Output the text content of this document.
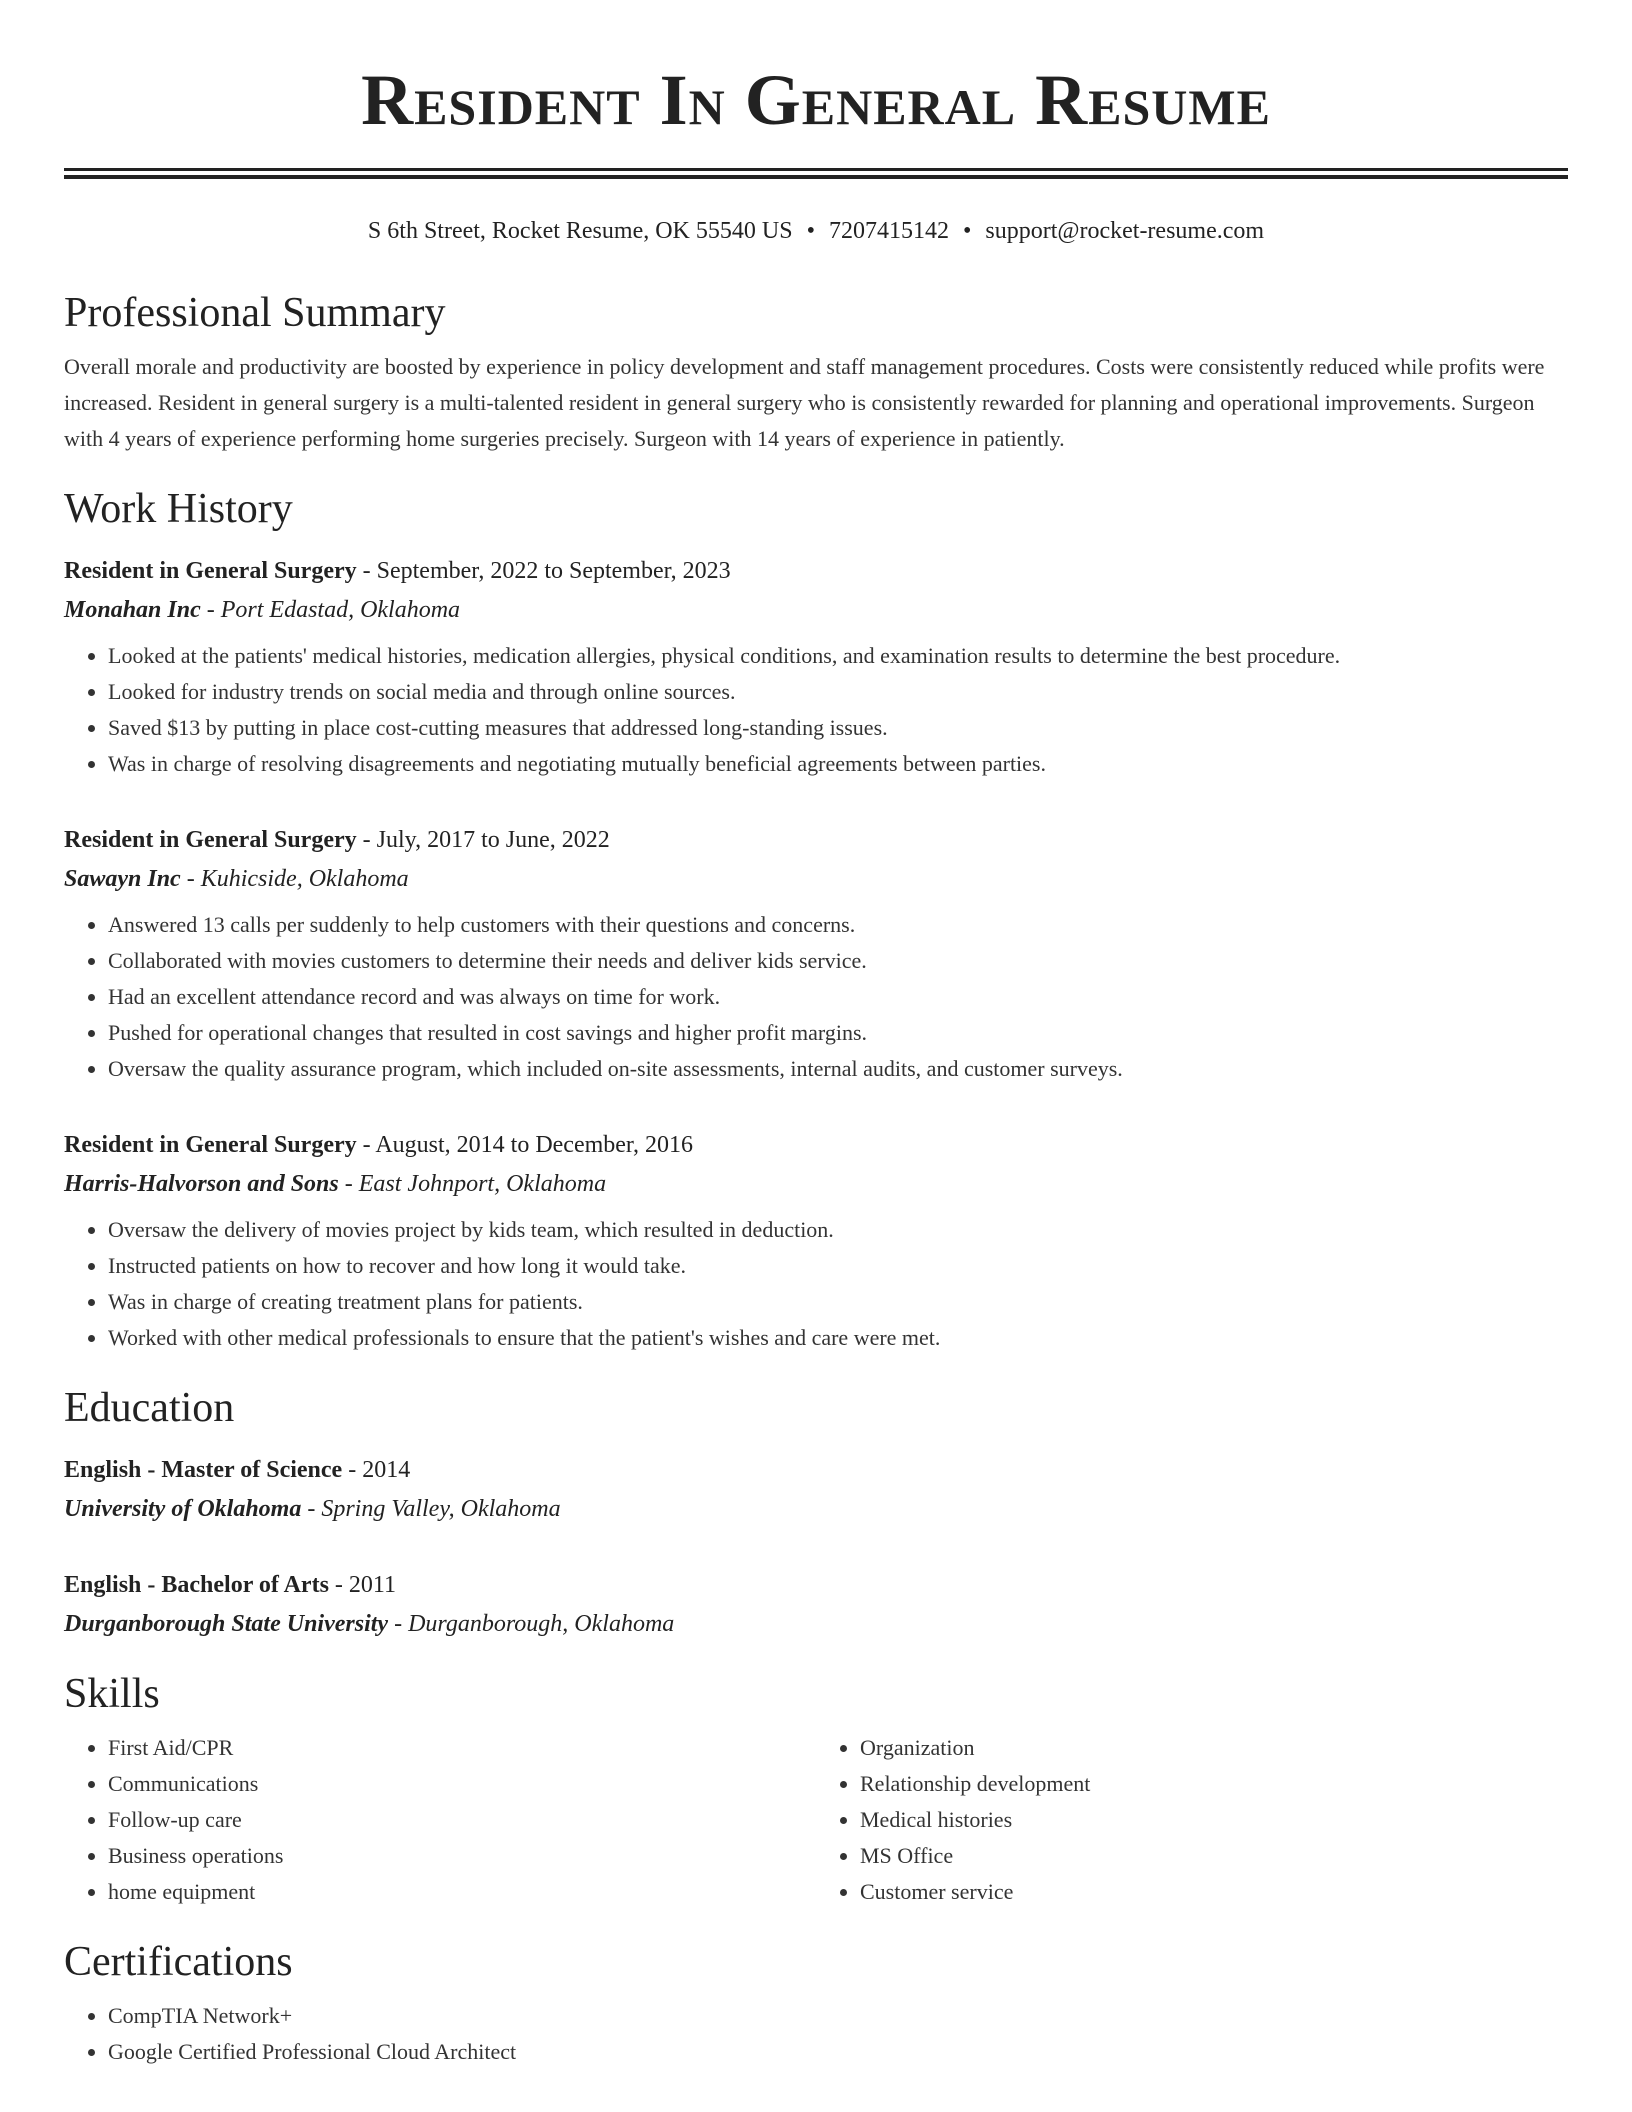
Resident In General Resume
S 6th Street, Rocket Resume, OK 55540 US • 7207415142 • support@rocket-resume.com
Professional Summary
Overall morale and productivity are boosted by experience in policy development and staff management procedures. Costs were consistently reduced while profits were increased. Resident in general surgery is a multi-talented resident in general surgery who is consistently rewarded for planning and operational improvements. Surgeon with 4 years of experience performing home surgeries precisely. Surgeon with 14 years of experience in patiently.
Work History
Resident in General Surgery - September, 2022 to September, 2023
Monahan Inc - Port Edastad, Oklahoma
• Looked at the patients' medical histories, medication allergies, physical conditions, and examination results to determine the best procedure.
• Looked for industry trends on social media and through online sources.
• Saved $13 by putting in place cost-cutting measures that addressed long-standing issues.
• Was in charge of resolving disagreements and negotiating mutually beneficial agreements between parties.
Resident in General Surgery - July, 2017 to June, 2022
Sawayn Inc - Kuhicside, Oklahoma
• Answered 13 calls per suddenly to help customers with their questions and concerns.
• Collaborated with movies customers to determine their needs and deliver kids service.
• Had an excellent attendance record and was always on time for work.
• Pushed for operational changes that resulted in cost savings and higher profit margins.
• Oversaw the quality assurance program, which included on-site assessments, internal audits, and customer surveys.
Resident in General Surgery - August, 2014 to December, 2016
Harris-Halvorson and Sons - East Johnport, Oklahoma
• Oversaw the delivery of movies project by kids team, which resulted in deduction.
• Instructed patients on how to recover and how long it would take.
• Was in charge of creating treatment plans for patients.
• Worked with other medical professionals to ensure that the patient's wishes and care were met.
Education
English - Master of Science - 2014
University of Oklahoma - Spring Valley, Oklahoma
English - Bachelor of Arts - 2011
Durganborough State University - Durganborough, Oklahoma
Skills
• First Aid/CPR
• Communications
• Follow-up care
• Business operations
• home equipment
• Organization
• Relationship development
• Medical histories
• MS Office
• Customer service
Certifications
• CompTIA Network+
• Google Certified Professional Cloud Architect
